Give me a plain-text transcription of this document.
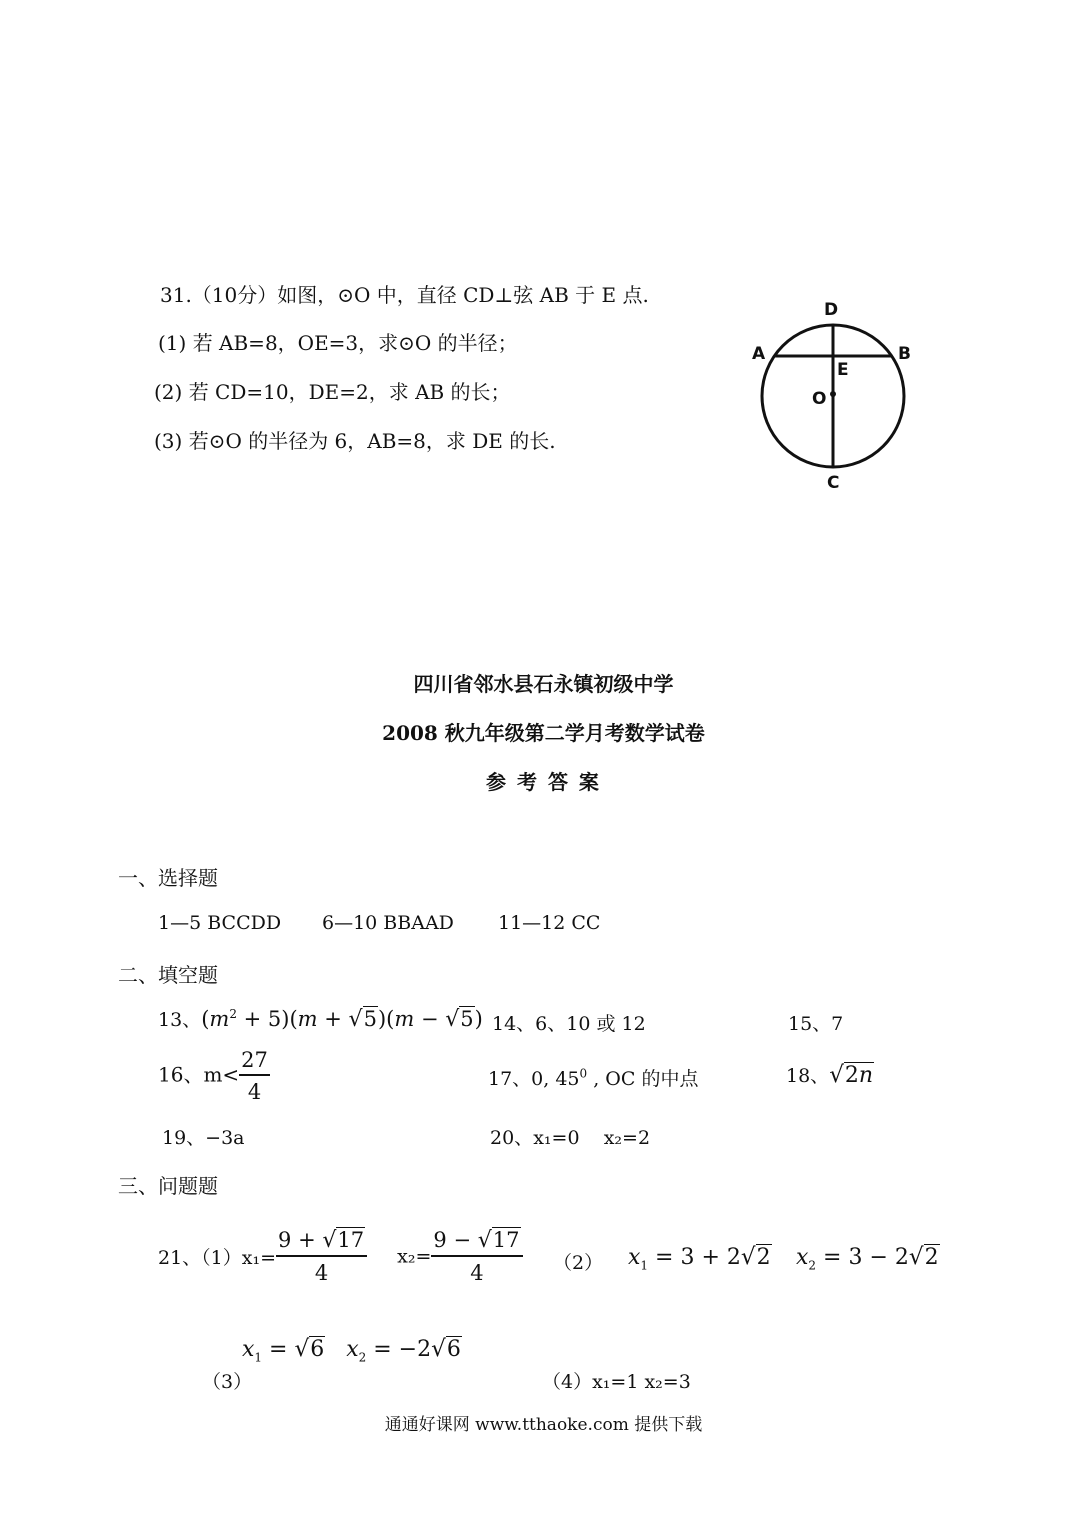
31.（10分）如图，⊙O 中，直径 CD⊥弦 AB 于 E 点.
(1) 若 AB=8，OE=3，求⊙O 的半径；
(2) 若 CD=10，DE=2，求 AB 的长；
(3) 若⊙O 的半径为 6，AB=8，求 DE 的长.
D
A	B
E
O
C
四川省邻水县石永镇初级中学
2008 秋九年级第二学月考数学试卷
参 考 答 案
一、选择题
1—5 BCCDD 6—10 BBAAD 11—12 CC
二、填空题
13、$(m^2 + 5)(m + √5)(m - √5)$ 14、6、10 或 12	15、7
16、$m< \frac{27}{4}$	17、0, $45^0$ , OC 的中点	18、√2n
19、−3a	20、x₁=0 x₂=2
三、问题题
21、$(1)x_1= \frac{9 + √17}{4} x_2= \frac{9 - √17}{4} (2) x_1 = 3 + 2√2$ $x_2 = 3 - 2√2$
（3）
$x_1 = √6$ $x_2 = -2√6$
（4）x₁=1 x₂=3
通通好课网 www.tthaoke.com 提供下载
